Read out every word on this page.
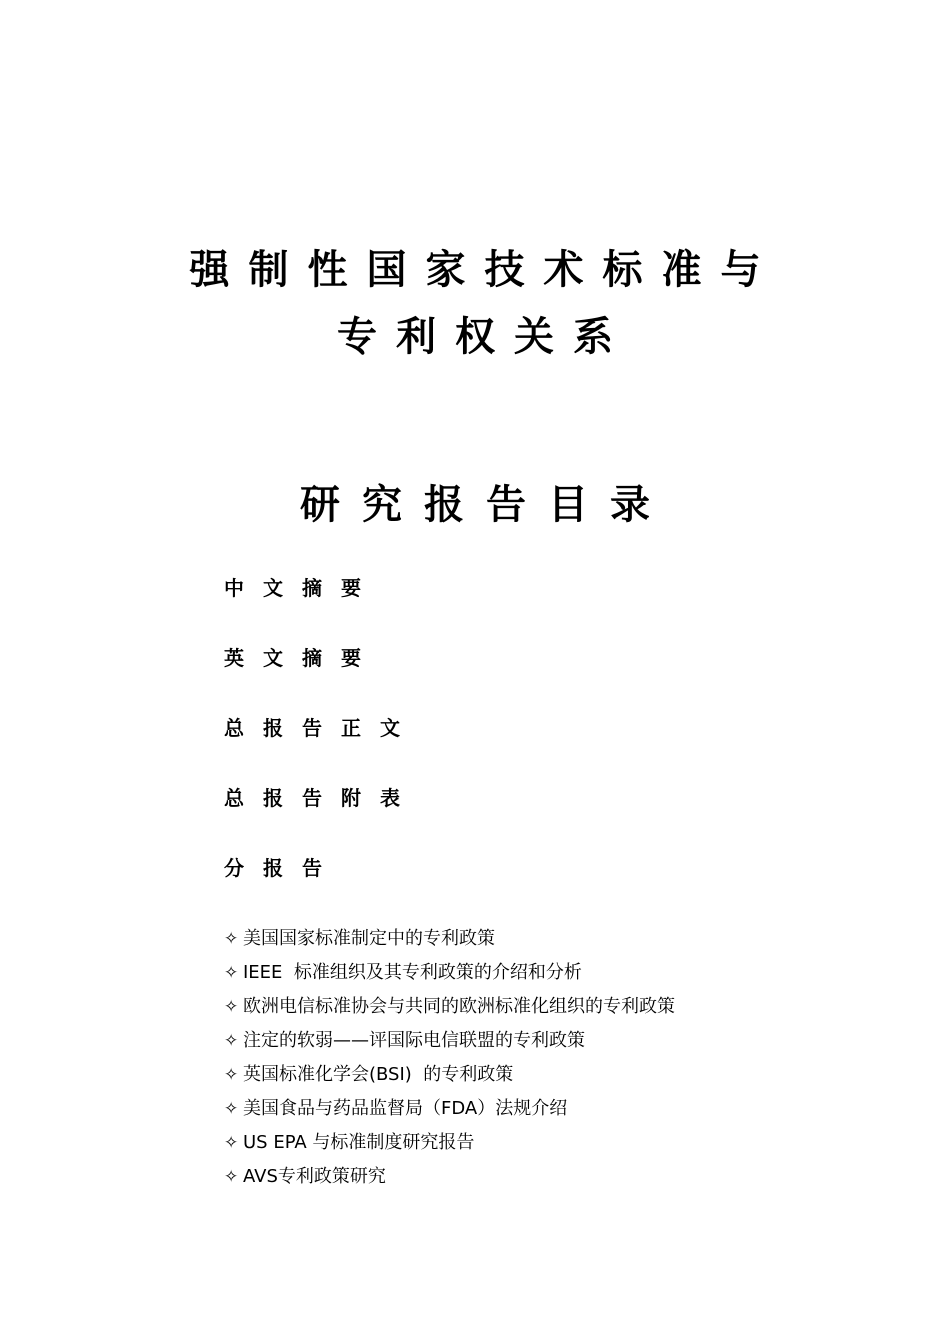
强制性国家技术标准与
专利权关系
研究报告目录
中文摘要
英文摘要
总报告正文
总报告附表
分报告
✧ 美国国家标准制定中的专利政策
✧ IEEE  标准组织及其专利政策的介绍和分析
✧ 欧洲电信标准协会与共同的欧洲标准化组织的专利政策
✧ 注定的软弱——评国际电信联盟的专利政策
✧ 英国标准化学会(BSI)  的专利政策
✧ 美国食品与药品监督局（FDA）法规介绍
✧ US EPA 与标准制度研究报告
✧ AVS专利政策研究
